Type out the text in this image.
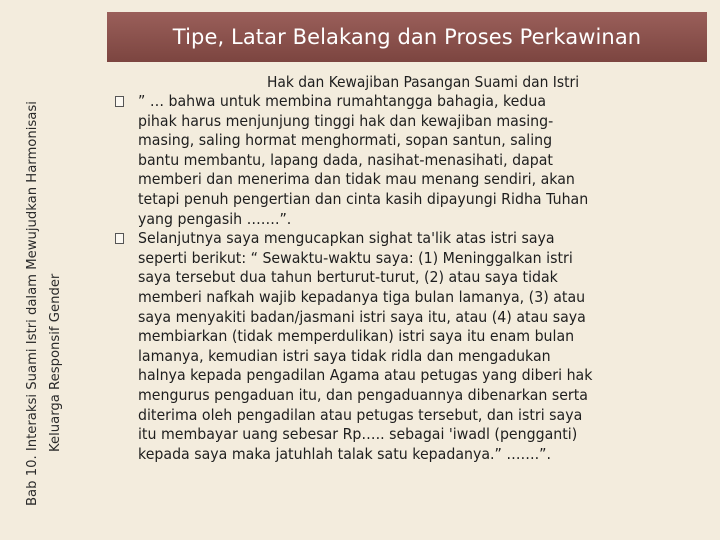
Tipe, Latar Belakang dan Proses Perkawinan
Bab 10. Interaksi Suami Istri dalam Mewujudkan Harmonisasi Keluarga Responsif Gender
Hak dan Kewajiban Pasangan Suami dan Istri
” … bahwa untuk membina rumahtangga bahagia, kedua
pihak harus menjunjung tinggi hak dan kewajiban masing-
masing, saling hormat menghormati, sopan santun, saling
bantu membantu, lapang dada, nasihat-menasihati, dapat
memberi dan menerima dan tidak mau menang sendiri, akan
tetapi penuh pengertian dan cinta kasih dipayungi Ridha Tuhan
yang pengasih …….”.
Selanjutnya saya mengucapkan sighat ta'lik atas istri saya
seperti berikut: “ Sewaktu-waktu saya: (1) Meninggalkan istri
saya tersebut dua tahun berturut-turut, (2) atau saya tidak
memberi nafkah wajib kepadanya tiga bulan lamanya, (3) atau
saya menyakiti badan/jasmani istri saya itu, atau (4) atau saya
membiarkan (tidak memperdulikan) istri saya itu enam bulan
lamanya, kemudian istri saya tidak ridla dan mengadukan
halnya kepada pengadilan Agama atau petugas yang diberi hak
mengurus pengaduan itu, dan pengaduannya dibenarkan serta
diterima oleh pengadilan atau petugas tersebut, dan istri saya
itu membayar uang sebesar Rp….. sebagai 'iwadl (pengganti)
kepada saya maka jatuhlah talak satu kepadanya.” …….”.
